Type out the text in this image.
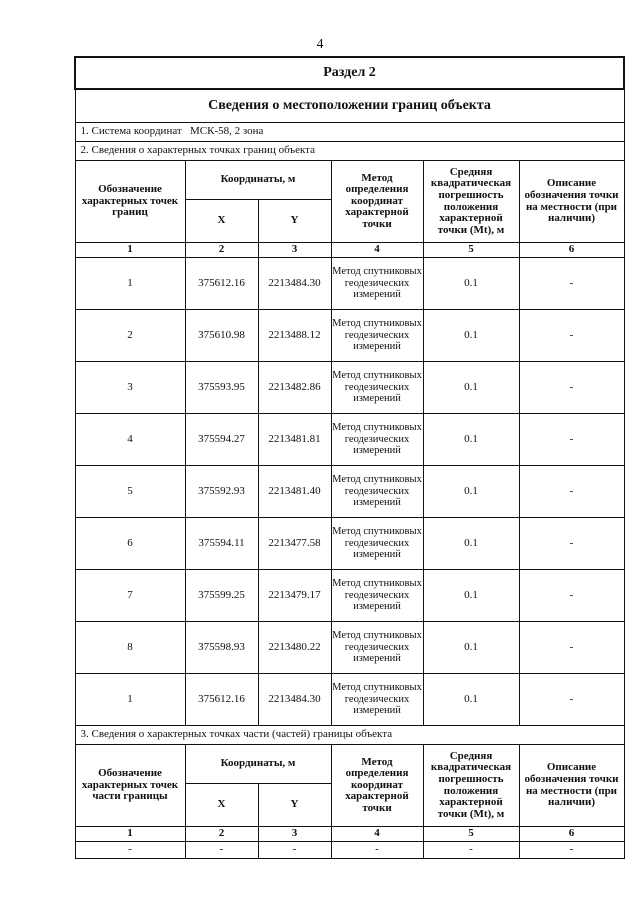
4
Раздел 2					
Сведения о местоположении границ объекта					
1. Система координат МСК-58, 2 зона					
2. Сведения о характерных точках границ объекта					
Обозначение характерных точек границ	Координаты, м		Метод определения координат характерной точки	Средняя квадратическая погрешность положения характерной точки (Mt), м	Описание обозначения точки на местности (при наличии)
	X	Y			
1	2	3	4	5	6
1	375612.16	2213484.30	Метод спутниковых геодезических измерений	0.1	-
2	375610.98	2213488.12	Метод спутниковых геодезических измерений	0.1	-
3	375593.95	2213482.86	Метод спутниковых геодезических измерений	0.1	-
4	375594.27	2213481.81	Метод спутниковых геодезических измерений	0.1	-
5	375592.93	2213481.40	Метод спутниковых геодезических измерений	0.1	-
6	375594.11	2213477.58	Метод спутниковых геодезических измерений	0.1	-
7	375599.25	2213479.17	Метод спутниковых геодезических измерений	0.1	-
8	375598.93	2213480.22	Метод спутниковых геодезических измерений	0.1	-
1	375612.16	2213484.30	Метод спутниковых геодезических измерений	0.1	-
3. Сведения о характерных точках части (частей) границы объекта					
Обозначение характерных точек части границы	Координаты, м		Метод определения координат характерной точки	Средняя квадратическая погрешность положения характерной точки (Mt), м	Описание обозначения точки на местности (при наличии)
	X	Y			
1	2	3	4	5	6
-	-	-	-	-	-
